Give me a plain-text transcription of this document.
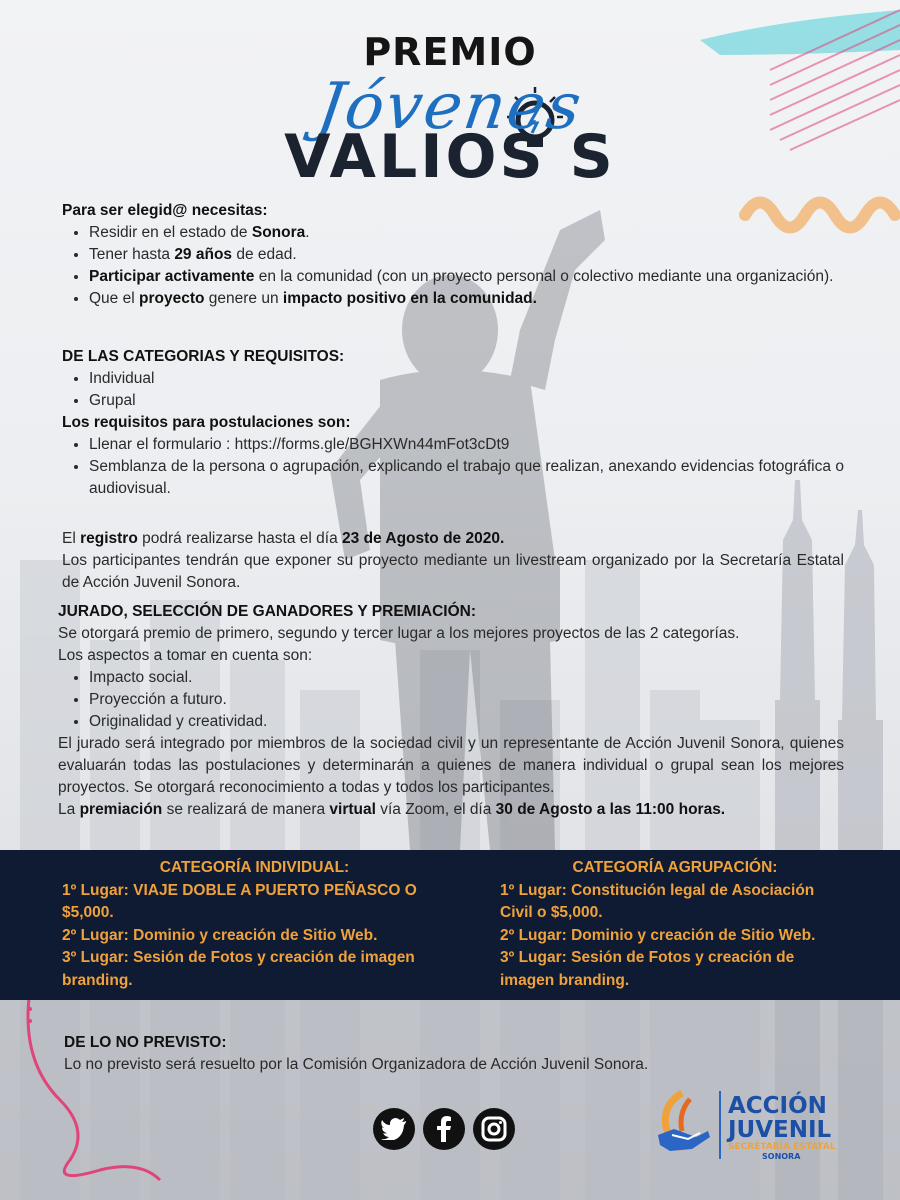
PREMIO
Jóvenes
VALIOS S
Para ser elegid@ necesitas:
• Residir en el estado de Sonora.
• Tener hasta 29 años de edad.
• Participar activamente en la comunidad (con un proyecto personal o colectivo mediante una organización).
• Que el proyecto genere un impacto positivo en la comunidad.
DE LAS CATEGORIAS Y REQUISITOS:
• Individual
• Grupal
Los requisitos para postulaciones son:
• Llenar el formulario : https://forms.gle/BGHXWn44mFot3cDt9
• Semblanza de la persona o agrupación, explicando el trabajo que realizan, anexando evidencias fotográfica o audiovisual.

El registro podrá realizarse hasta el día 23 de Agosto de 2020.

Los participantes tendrán que exponer su proyecto mediante un livestream organizado por la Secretaría Estatal de Acción Juvenil Sonora.

JURADO, SELECCIÓN DE GANADORES Y PREMIACIÓN:

Se otorgará premio de primero, segundo y tercer lugar a los mejores proyectos de las 2 categorías.

Los aspectos a tomar en cuenta son:

• Impacto social.
• Proyección a futuro.
• Originalidad y creatividad.

El jurado será integrado por miembros de la sociedad civil y un representante de Acción Juvenil Sonora, quienes evaluarán todas las postulaciones y determinarán a quienes de manera individual o grupal sean los mejores proyectos. Se otorgará reconocimiento a todas y todos los participantes.

La premiación se realizará de manera virtual vía Zoom, el día 30 de Agosto a las 11:00 horas.

CATEGORÍA INDIVIDUAL:
1º Lugar: VIAJE DOBLE A PUERTO PEÑASCO O $5,000.
2º Lugar: Dominio y creación de Sitio Web.
3º Lugar: Sesión de Fotos y creación de imagen branding.
CATEGORÍA AGRUPACIÓN:
1º Lugar: Constitución legal de Asociación Civil o $5,000.
2º Lugar: Dominio y creación de Sitio Web.
3º Lugar: Sesión de Fotos y creación de imagen branding.
DE LO NO PREVISTO:

Lo no previsto será resuelto por la Comisión Organizadora de Acción Juvenil Sonora.

ACCIÓN
JUVENIL
SECRETARÍA ESTATAL
SONORA
